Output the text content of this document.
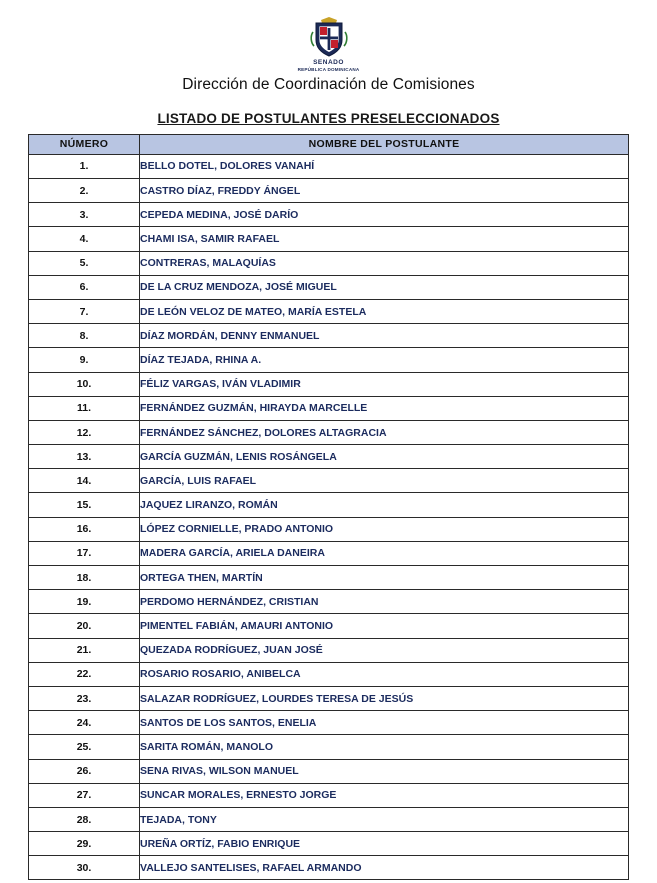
SENADO
REPÚBLICA DOMINICANA
Dirección de Coordinación de Comisiones
LISTADO DE POSTULANTES PRESELECCIONADOS
NÚMERO	NOMBRE DEL POSTULANTE
1.	BELLO DOTEL, DOLORES VANAHÍ
2.	CASTRO DÍAZ, FREDDY ÁNGEL
3.	CEPEDA MEDINA, JOSÉ DARÍO
4.	CHAMI ISA, SAMIR RAFAEL
5.	CONTRERAS, MALAQUÍAS
6.	DE LA CRUZ MENDOZA, JOSÉ MIGUEL
7.	DE LEÓN VELOZ DE MATEO, MARÍA ESTELA
8.	DÍAZ MORDÁN, DENNY ENMANUEL
9.	DÍAZ TEJADA, RHINA A.
10.	FÉLIZ VARGAS, IVÁN VLADIMIR
11.	FERNÁNDEZ GUZMÁN, HIRAYDA MARCELLE
12.	FERNÁNDEZ SÁNCHEZ, DOLORES ALTAGRACIA
13.	GARCÍA GUZMÁN, LENIS ROSÁNGELA
14.	GARCÍA, LUIS RAFAEL
15.	JAQUEZ LIRANZO, ROMÁN
16.	LÓPEZ CORNIELLE, PRADO ANTONIO
17.	MADERA GARCÍA, ARIELA DANEIRA
18.	ORTEGA THEN, MARTÍN
19.	PERDOMO HERNÁNDEZ, CRISTIAN
20.	PIMENTEL FABIÁN, AMAURI ANTONIO
21.	QUEZADA RODRÍGUEZ, JUAN JOSÉ
22.	ROSARIO ROSARIO, ANIBELCA
23.	SALAZAR RODRÍGUEZ, LOURDES TERESA DE JESÚS
24.	SANTOS DE LOS SANTOS, ENELIA
25.	SARITA ROMÁN, MANOLO
26.	SENA RIVAS, WILSON MANUEL
27.	SUNCAR MORALES, ERNESTO JORGE
28.	TEJADA, TONY
29.	UREÑA ORTÍZ, FABIO ENRIQUE
30.	VALLEJO SANTELISES, RAFAEL ARMANDO
